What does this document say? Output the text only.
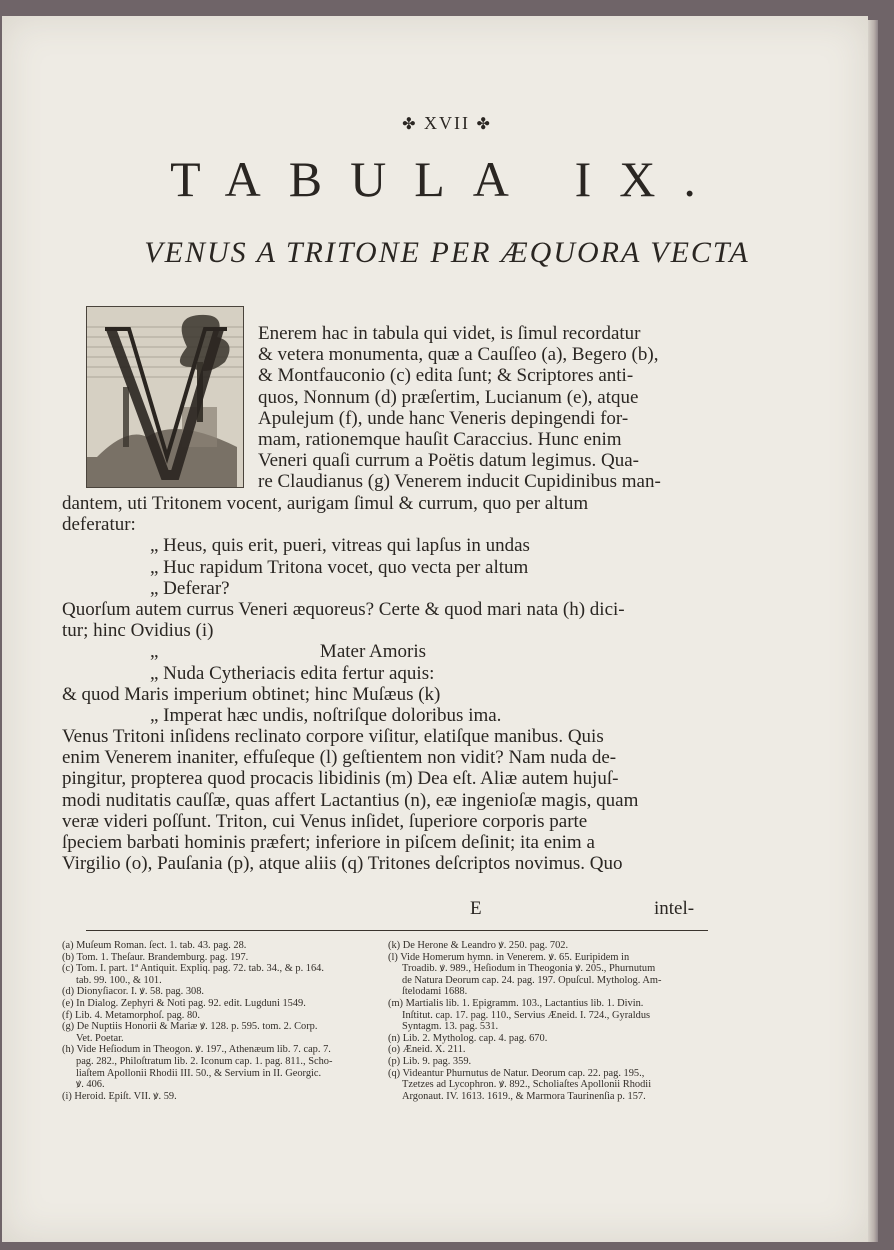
✤ XVII ✤
TABULA IX.
VENUS A TRITONE PER ÆQUORA VECTA
Enerem hac in tabula qui videt, is ſimul recordatur
& vetera monumenta, quæ a Cauſſeo (a), Begero (b),
& Montfauconio (c) edita ſunt; & Scriptores anti-
quos, Nonnum (d) præſertim, Lucianum (e), atque
Apulejum (f), unde hanc Veneris depingendi for-
mam, rationemque hauſit Caraccius. Hunc enim
Veneri quaſi currum a Poëtis datum legimus. Qua-
re Claudianus (g) Venerem inducit Cupidinibus man-
dantem, uti Tritonem vocent, aurigam ſimul & currum, quo per altum
deferatur:
„ Heus, quis erit, pueri, vitreas qui lapſus in undas
„ Huc rapidum Tritona vocet, quo vecta per altum
„ Deferar?
Quorſum autem currus Veneri æquoreus? Certe & quod mari nata (h) dici-
tur; hinc Ovidius (i)
„                                  Mater Amoris
„ Nuda Cytheriacis edita fertur aquis:
& quod Maris imperium obtinet; hinc Muſæus (k)
„ Imperat hæc undis, noſtriſque doloribus ima.
Venus Tritoni inſidens reclinato corpore viſitur, elatiſque manibus. Quis
enim Venerem inaniter, effuſeque (l) geſtientem non vidit? Nam nuda de-
pingitur, propterea quod procacis libidinis (m) Dea eſt. Aliæ autem hujuſ-
modi nuditatis cauſſæ, quas affert Lactantius (n), eæ ingenioſæ magis, quam
veræ videri poſſunt. Triton, cui Venus inſidet, ſuperiore corporis parte
ſpeciem barbati hominis præfert; inferiore in piſcem deſinit; ita enim a
Virgilio (o), Pauſania (p), atque aliis (q) Tritones deſcriptos novimus. Quo
E	intel-
(a) Muſeum Roman. ſect. 1. tab. 43. pag. 28.
(b) Tom. 1. Theſaur. Brandemburg. pag. 197.
(c) Tom. I. part. 1ª Antiquit. Expliq. pag. 72. tab. 34., & p. 164.
tab. 99. 100., & 101.
(d) Dionyſiacor. I. ꝟ. 58. pag. 308.
(e) In Dialog. Zephyri & Noti pag. 92. edit. Lugduni 1549.
(f) Lib. 4. Metamorphoſ. pag. 80.
(g) De Nuptiis Honorii & Mariæ ꝟ. 128. p. 595. tom. 2. Corp.
Vet. Poetar.
(h) Vide Heſiodum in Theogon. ꝟ. 197., Athenæum lib. 7. cap. 7.
pag. 282., Philoſtratum lib. 2. Iconum cap. 1. pag. 811., Scho-
liaſtem Apollonii Rhodii III. 50., & Servium in II. Georgic.
ꝟ. 406.
(i) Heroid. Epiſt. VII. ꝟ. 59.
(k) De Herone & Leandro ꝟ. 250. pag. 702.
(l) Vide Homerum hymn. in Venerem. ꝟ. 65. Euripidem in
Troadib. ꝟ. 989., Heſiodum in Theogonia ꝟ. 205., Phurnutum
de Natura Deorum cap. 24. pag. 197. Opuſcul. Mytholog. Am-
ſtelodami 1688.
(m) Martialis lib. 1. Epigramm. 103., Lactantius lib. 1. Divin.
Inſtitut. cap. 17. pag. 110., Servius Æneid. I. 724., Gyraldus
Syntagm. 13. pag. 531.
(n) Lib. 2. Mytholog. cap. 4. pag. 670.
(o) Æneid. X. 211.
(p) Lib. 9. pag. 359.
(q) Videantur Phurnutus de Natur. Deorum cap. 22. pag. 195.,
Tzetzes ad Lycophron. ꝟ. 892., Scholiaſtes Apollonii Rhodii
Argonaut. IV. 1613. 1619., & Marmora Taurinenſia p. 157.
